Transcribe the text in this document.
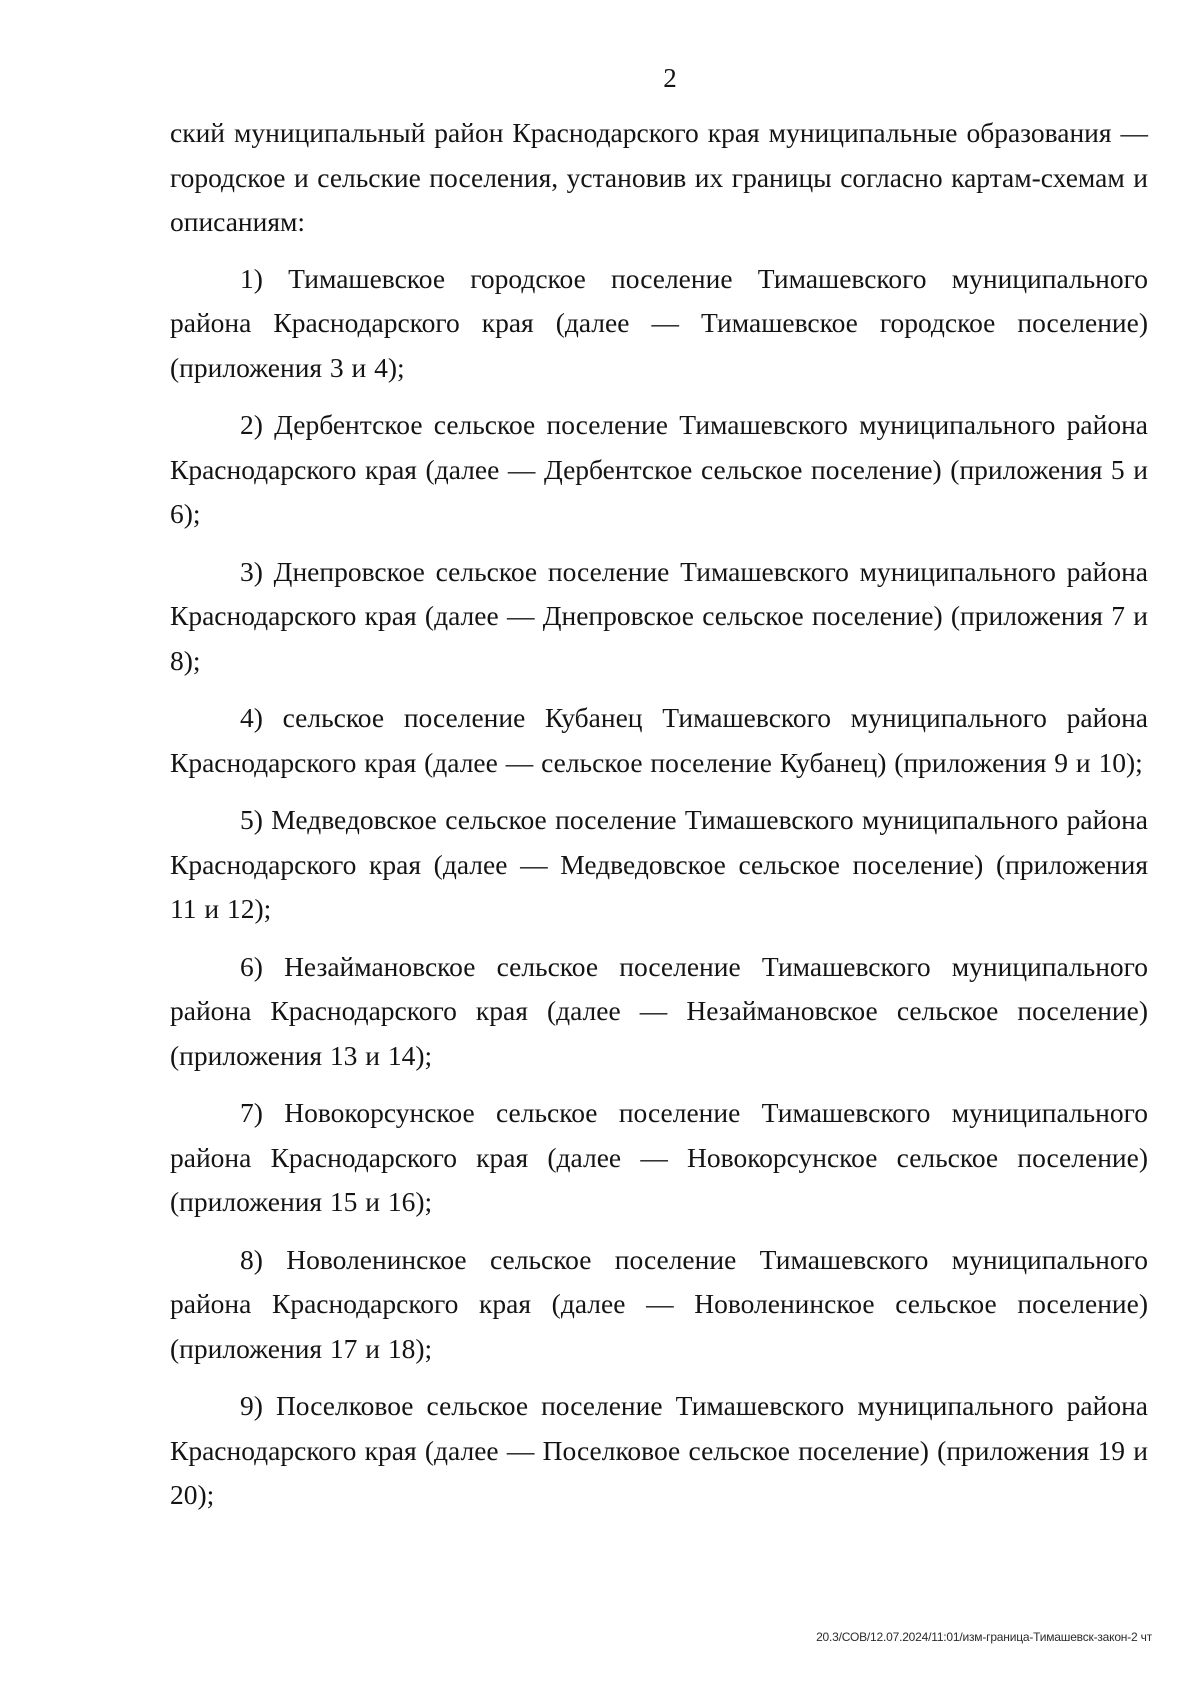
2

ский муниципальный район Краснодарского края муниципальные образования — городское и сельские поселения, установив их границы согласно картам-схемам и описаниям:

1) Тимашевское городское поселение Тимашевского муниципального района Краснодарского края (далее — Тимашевское городское поселение) (приложения 3 и 4);

2) Дербентское сельское поселение Тимашевского муниципального района Краснодарского края (далее — Дербентское сельское поселение) (приложения 5 и 6);

3) Днепровское сельское поселение Тимашевского муниципального района Краснодарского края (далее — Днепровское сельское поселение) (приложения 7 и 8);

4) сельское поселение Кубанец Тимашевского муниципального района Краснодарского края (далее — сельское поселение Кубанец) (приложения 9 и 10);

5) Медведовское сельское поселение Тимашевского муниципального района Краснодарского края (далее — Медведовское сельское поселение) (приложения 11 и 12);

6) Незаймановское сельское поселение Тимашевского муниципального района Краснодарского края (далее — Незаймановское сельское поселение) (приложения 13 и 14);

7) Новокорсунское сельское поселение Тимашевского муниципального района Краснодарского края (далее — Новокорсунское сельское поселение) (приложения 15 и 16);

8) Новоленинское сельское поселение Тимашевского муниципального района Краснодарского края (далее — Новоленинское сельское поселение) (приложения 17 и 18);

9) Поселковое сельское поселение Тимашевского муниципального района Краснодарского края (далее — Поселковое сельское поселение) (приложения 19 и 20);

20.3/СОВ/12.07.2024/11:01/изм-граница-Тимашевск-закон-2 чт
